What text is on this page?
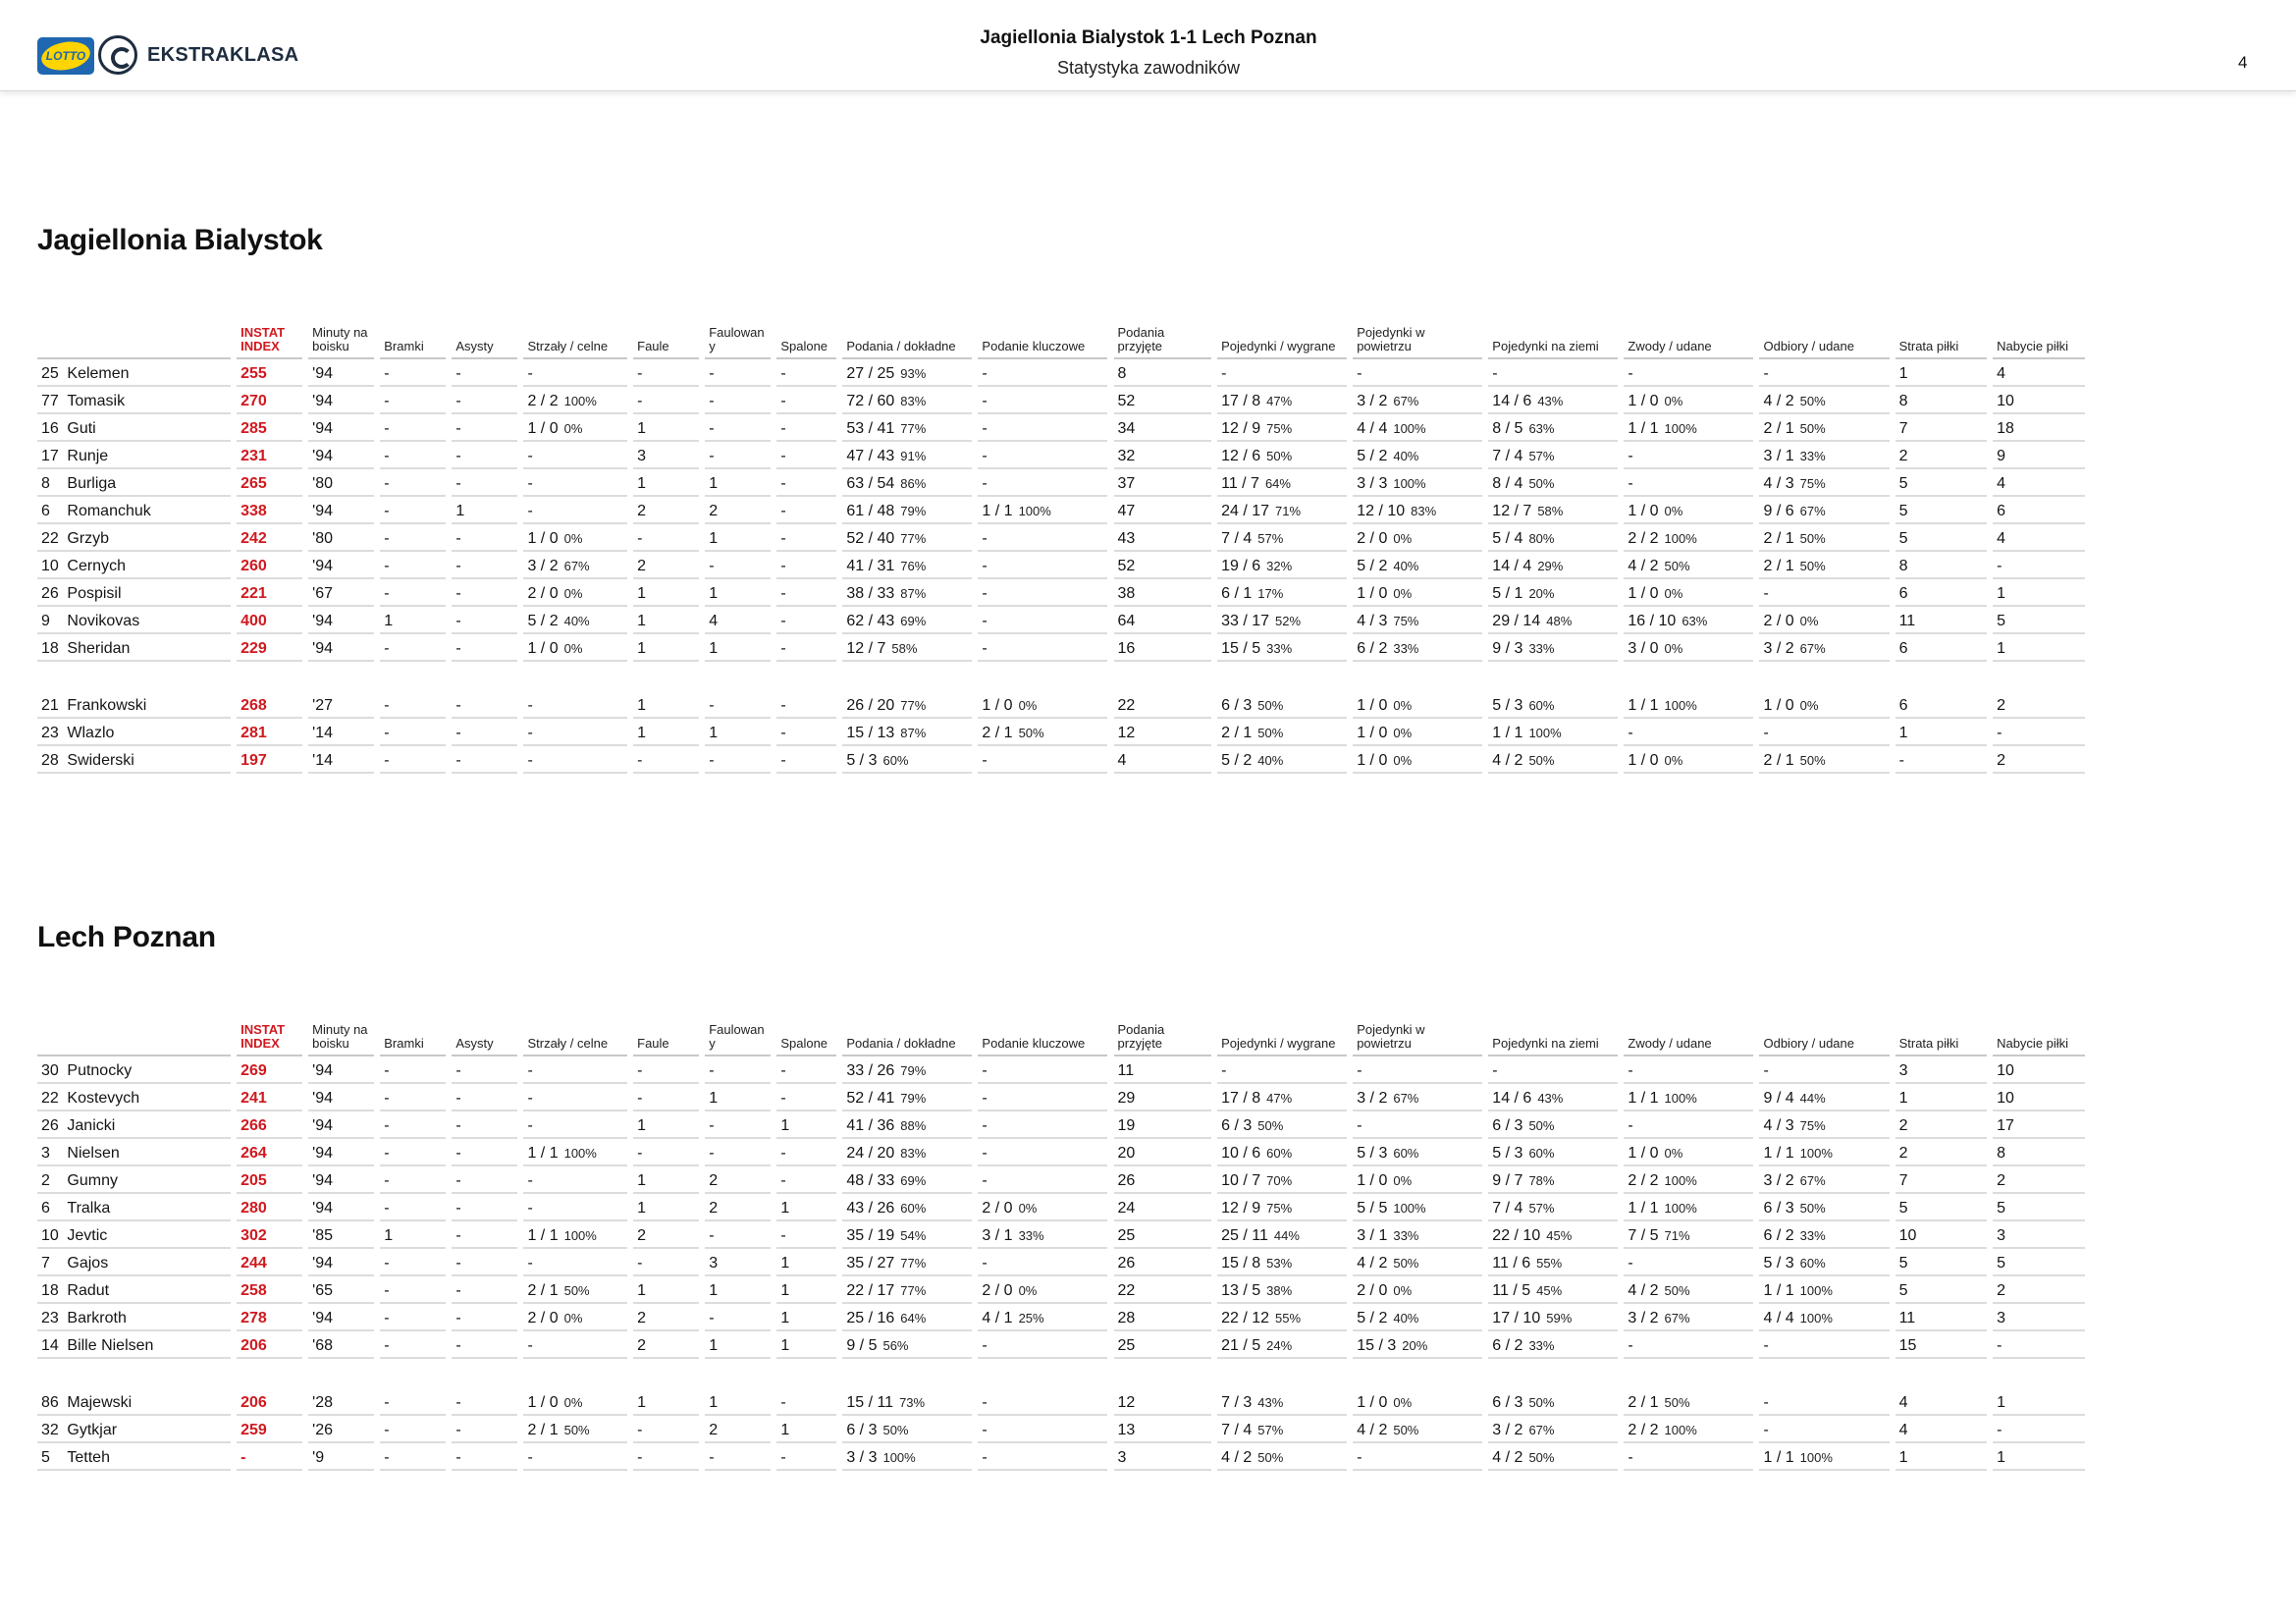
LOTTO	EKSTRAKLASA
Jagiellonia Bialystok 1-1 Lech Poznan
Statystyka zawodników	4
Jagiellonia Bialystok
			INSTAT INDEX		Minuty na boisku		Bramki		Asysty		Strzały / celne		Faule		Faulowan y		Spalone		Podania / dokładne		Podanie kluczowe		Podania przyjęte		Pojedynki / wygrane		Pojedynki w powietrzu		Pojedynki na ziemi		Zwody / udane		Odbiory / udane		Strata piłki		Nabycie piłki
25	Kelemen		255		'94		-		-		-		-		-		-		27 / 25 93%		-		8		-		-		-		-		-		1		4
77	Tomasik		270		'94		-		-		2 / 2 100%		-		-		-		72 / 60 83%		-		52		17 / 8 47%		3 / 2 67%		14 / 6 43%		1 / 0 0%		4 / 2 50%		8		10
16	Guti		285		'94		-		-		1 / 0 0%		1		-		-		53 / 41 77%		-		34		12 / 9 75%		4 / 4 100%		8 / 5 63%		1 / 1 100%		2 / 1 50%		7		18
17	Runje		231		'94		-		-		-		3		-		-		47 / 43 91%		-		32		12 / 6 50%		5 / 2 40%		7 / 4 57%		-		3 / 1 33%		2		9
8	Burliga		265		'80		-		-		-		1		1		-		63 / 54 86%		-		37		11 / 7 64%		3 / 3 100%		8 / 4 50%		-		4 / 3 75%		5		4
6	Romanchuk		338		'94		-		1		-		2		2		-		61 / 48 79%		1 / 1 100%		47		24 / 17 71%		12 / 10 83%		12 / 7 58%		1 / 0 0%		9 / 6 67%		5		6
22	Grzyb		242		'80		-		-		1 / 0 0%		-		1		-		52 / 40 77%		-		43		7 / 4 57%		2 / 0 0%		5 / 4 80%		2 / 2 100%		2 / 1 50%		5		4
10	Cernych		260		'94		-		-		3 / 2 67%		2		-		-		41 / 31 76%		-		52		19 / 6 32%		5 / 2 40%		14 / 4 29%		4 / 2 50%		2 / 1 50%		8		-
26	Pospisil		221		'67		-		-		2 / 0 0%		1		1		-		38 / 33 87%		-		38		6 / 1 17%		1 / 0 0%		5 / 1 20%		1 / 0 0%		-		6		1
9	Novikovas		400		'94		1		-		5 / 2 40%		1		4		-		62 / 43 69%		-		64		33 / 17 52%		4 / 3 75%		29 / 14 48%		16 / 10 63%		2 / 0 0%		11		5
18	Sheridan		229		'94		-		-		1 / 0 0%		1		1		-		12 / 7 58%		-		16		15 / 5 33%		6 / 2 33%		9 / 3 33%		3 / 0 0%		3 / 2 67%		6		1

21	Frankowski		268		'27		-		-		-		1		-		-		26 / 20 77%		1 / 0 0%		22		6 / 3 50%		1 / 0 0%		5 / 3 60%		1 / 1 100%		1 / 0 0%		6		2
23	Wlazlo		281		'14		-		-		-		1		1		-		15 / 13 87%		2 / 1 50%		12		2 / 1 50%		1 / 0 0%		1 / 1 100%		-		-		1		-
28	Swiderski		197		'14		-		-		-		-		-		-		5 / 3 60%		-		4		5 / 2 40%		1 / 0 0%		4 / 2 50%		1 / 0 0%		2 / 1 50%		-		2
Lech Poznan
			INSTAT INDEX		Minuty na boisku		Bramki		Asysty		Strzały / celne		Faule		Faulowan y		Spalone		Podania / dokładne		Podanie kluczowe		Podania przyjęte		Pojedynki / wygrane		Pojedynki w powietrzu		Pojedynki na ziemi		Zwody / udane		Odbiory / udane		Strata piłki		Nabycie piłki
30	Putnocky		269		'94		-		-		-		-		-		-		33 / 26 79%		-		11		-		-		-		-		-		3		10
22	Kostevych		241		'94		-		-		-		-		1		-		52 / 41 79%		-		29		17 / 8 47%		3 / 2 67%		14 / 6 43%		1 / 1 100%		9 / 4 44%		1		10
26	Janicki		266		'94		-		-		-		1		-		1		41 / 36 88%		-		19		6 / 3 50%		-		6 / 3 50%		-		4 / 3 75%		2		17
3	Nielsen		264		'94		-		-		1 / 1 100%		-		-		-		24 / 20 83%		-		20		10 / 6 60%		5 / 3 60%		5 / 3 60%		1 / 0 0%		1 / 1 100%		2		8
2	Gumny		205		'94		-		-		-		1		2		-		48 / 33 69%		-		26		10 / 7 70%		1 / 0 0%		9 / 7 78%		2 / 2 100%		3 / 2 67%		7		2
6	Tralka		280		'94		-		-		-		1		2		1		43 / 26 60%		2 / 0 0%		24		12 / 9 75%		5 / 5 100%		7 / 4 57%		1 / 1 100%		6 / 3 50%		5		5
10	Jevtic		302		'85		1		-		1 / 1 100%		2		-		-		35 / 19 54%		3 / 1 33%		25		25 / 11 44%		3 / 1 33%		22 / 10 45%		7 / 5 71%		6 / 2 33%		10		3
7	Gajos		244		'94		-		-		-		-		3		1		35 / 27 77%		-		26		15 / 8 53%		4 / 2 50%		11 / 6 55%		-		5 / 3 60%		5		5
18	Radut		258		'65		-		-		2 / 1 50%		1		1		1		22 / 17 77%		2 / 0 0%		22		13 / 5 38%		2 / 0 0%		11 / 5 45%		4 / 2 50%		1 / 1 100%		5		2
23	Barkroth		278		'94		-		-		2 / 0 0%		2		-		1		25 / 16 64%		4 / 1 25%		28		22 / 12 55%		5 / 2 40%		17 / 10 59%		3 / 2 67%		4 / 4 100%		11		3
14	Bille Nielsen		206		'68		-		-		-		2		1		1		9 / 5 56%		-		25		21 / 5 24%		15 / 3 20%		6 / 2 33%		-		-		15		-

86	Majewski		206		'28		-		-		1 / 0 0%		1		1		-		15 / 11 73%		-		12		7 / 3 43%		1 / 0 0%		6 / 3 50%		2 / 1 50%		-		4		1
32	Gytkjar		259		'26		-		-		2 / 1 50%		-		2		1		6 / 3 50%		-		13		7 / 4 57%		4 / 2 50%		3 / 2 67%		2 / 2 100%		-		4		-
5	Tetteh		-		'9		-		-		-		-		-		-		3 / 3 100%		-		3		4 / 2 50%		-		4 / 2 50%		-		1 / 1 100%		1		1
